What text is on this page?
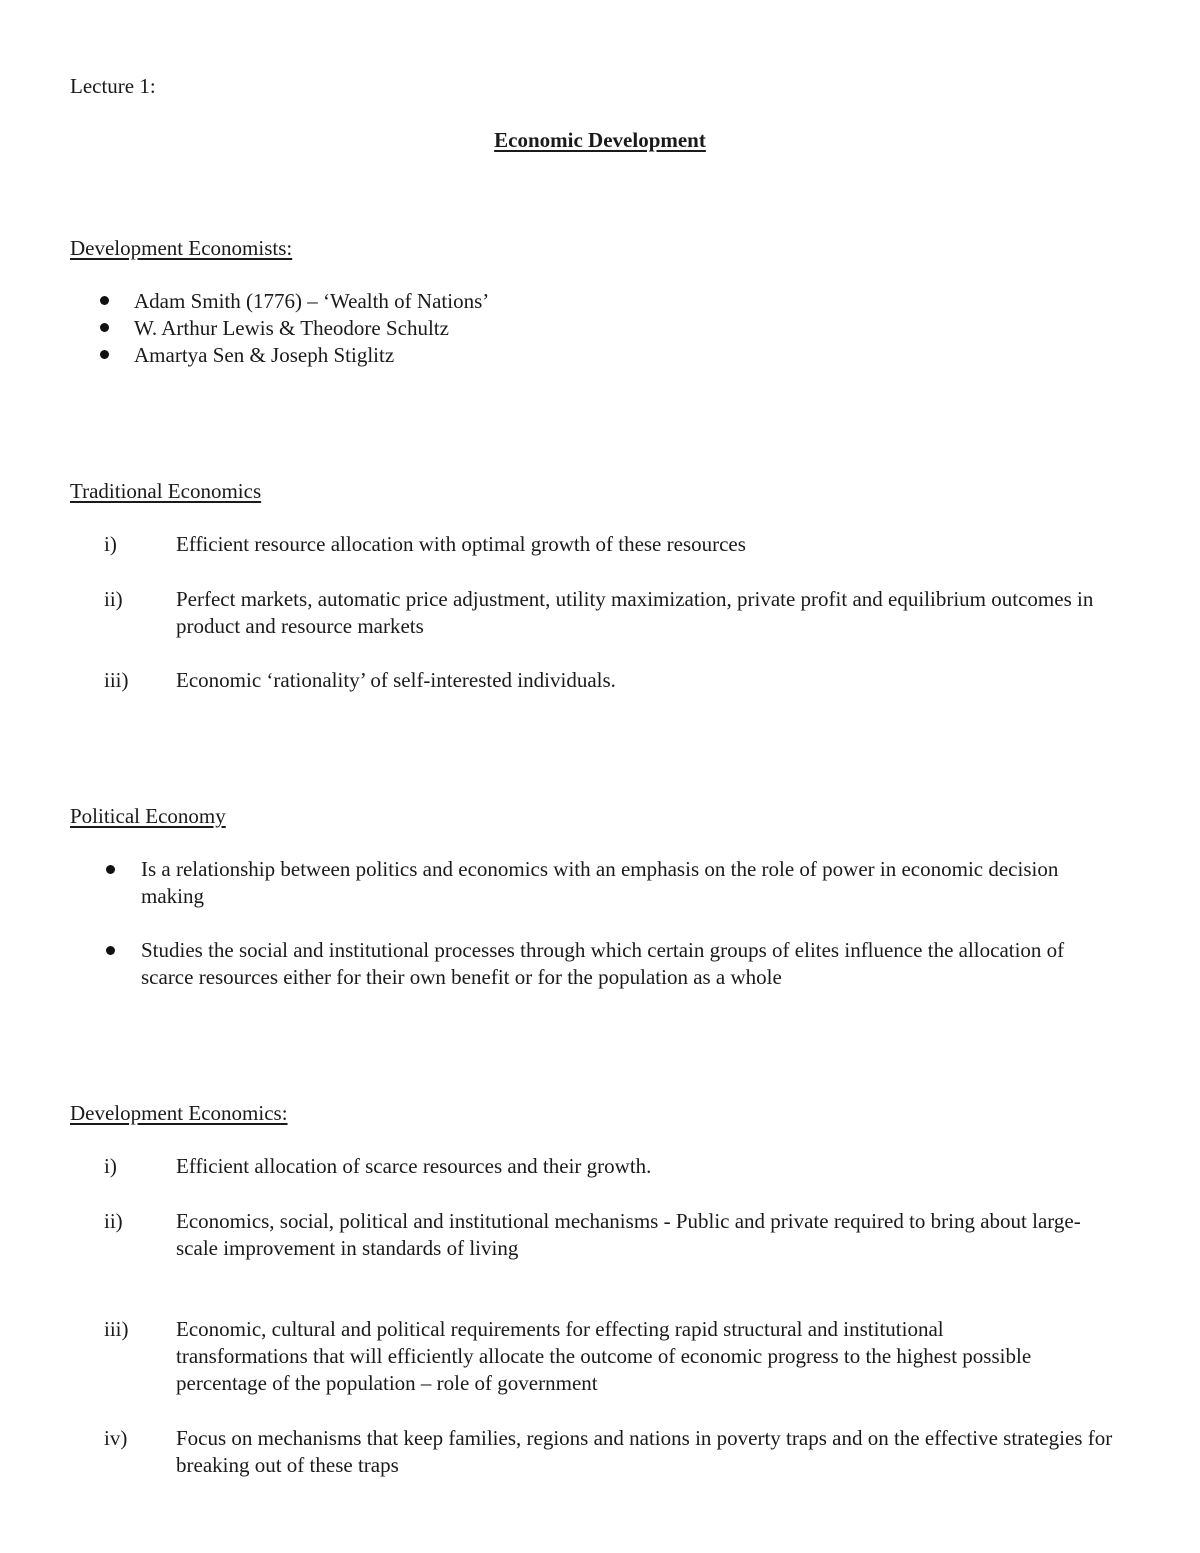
Lecture 1:
Economic Development
Development Economists:
Adam Smith (1776) – ‘Wealth of Nations’
W. Arthur Lewis & Theodore Schultz
Amartya Sen & Joseph Stiglitz
Traditional Economics
i)	Efficient resource allocation with optimal growth of these resources
ii)	Perfect markets, automatic price adjustment, utility maximization, private profit and equilibrium outcomes in product and resource markets
iii) Economic ‘rationality’ of self-interested individuals.
Political Economy
Is a relationship between politics and economics with an emphasis on the role of power in economic decision making
Studies the social and institutional processes through which certain groups of elites influence the allocation of scarce resources either for their own benefit or for the population as a whole
Development Economics:
i)	Efficient allocation of scarce resources and their growth.
ii)	Economics, social, political and institutional mechanisms - Public and private required to bring about large-scale improvement in standards of living
iii) Economic, cultural and political requirements for effecting rapid structural and institutional transformations that will efficiently allocate the outcome of economic progress to the highest possible percentage of the population – role of government
iv) Focus on mechanisms that keep families, regions and nations in poverty traps and on the effective strategies for breaking out of these traps
